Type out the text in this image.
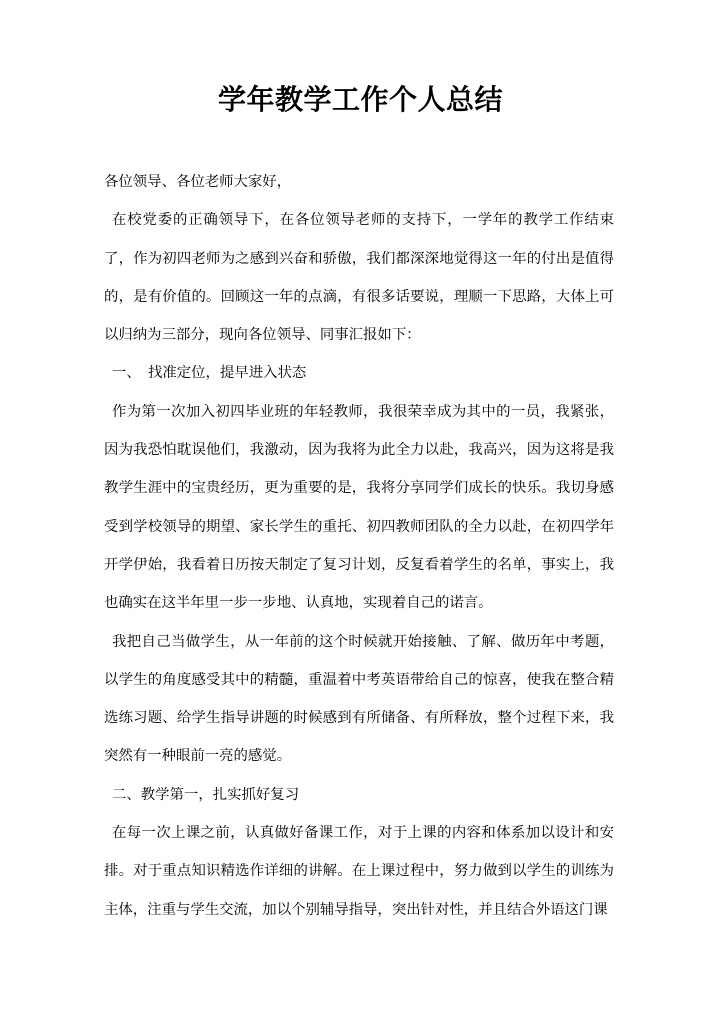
学年教学工作个人总结

各位领导、各位老师大家好，

在校党委的正确领导下，在各位领导老师的支持下，一学年的教学工作结束了，作为初四老师为之感到兴奋和骄傲，我们都深深地觉得这一年的付出是值得的，是有价值的。回顾这一年的点滴，有很多话要说，理顺一下思路，大体上可以归纳为三部分，现向各位领导、同事汇报如下：

一、　找准定位，提早进入状态

作为第一次加入初四毕业班的年轻教师，我很荣幸成为其中的一员，我紧张，因为我恐怕耽误他们，我激动，因为我将为此全力以赴，我高兴，因为这将是我教学生涯中的宝贵经历，更为重要的是，我将分享同学们成长的快乐。我切身感受到学校领导的期望、家长学生的重托、初四教师团队的全力以赴，在初四学年开学伊始，我看着日历按天制定了复习计划，反复看着学生的名单，事实上，我也确实在这半年里一步一步地、认真地，实现着自己的诺言。

我把自己当做学生，从一年前的这个时候就开始接触、了解、做历年中考题，以学生的角度感受其中的精髓，重温着中考英语带给自己的惊喜，使我在整合精选练习题、给学生指导讲题的时候感到有所储备、有所释放，整个过程下来，我突然有一种眼前一亮的感觉。

二、教学第一，扎实抓好复习

在每一次上课之前，认真做好备课工作，对于上课的内容和体系加以设计和安排。对于重点知识精选作详细的讲解。在上课过程中，努力做到以学生的训练为主体，注重与学生交流，加以个别辅导指导，突出针对性，并且结合外语这门课
